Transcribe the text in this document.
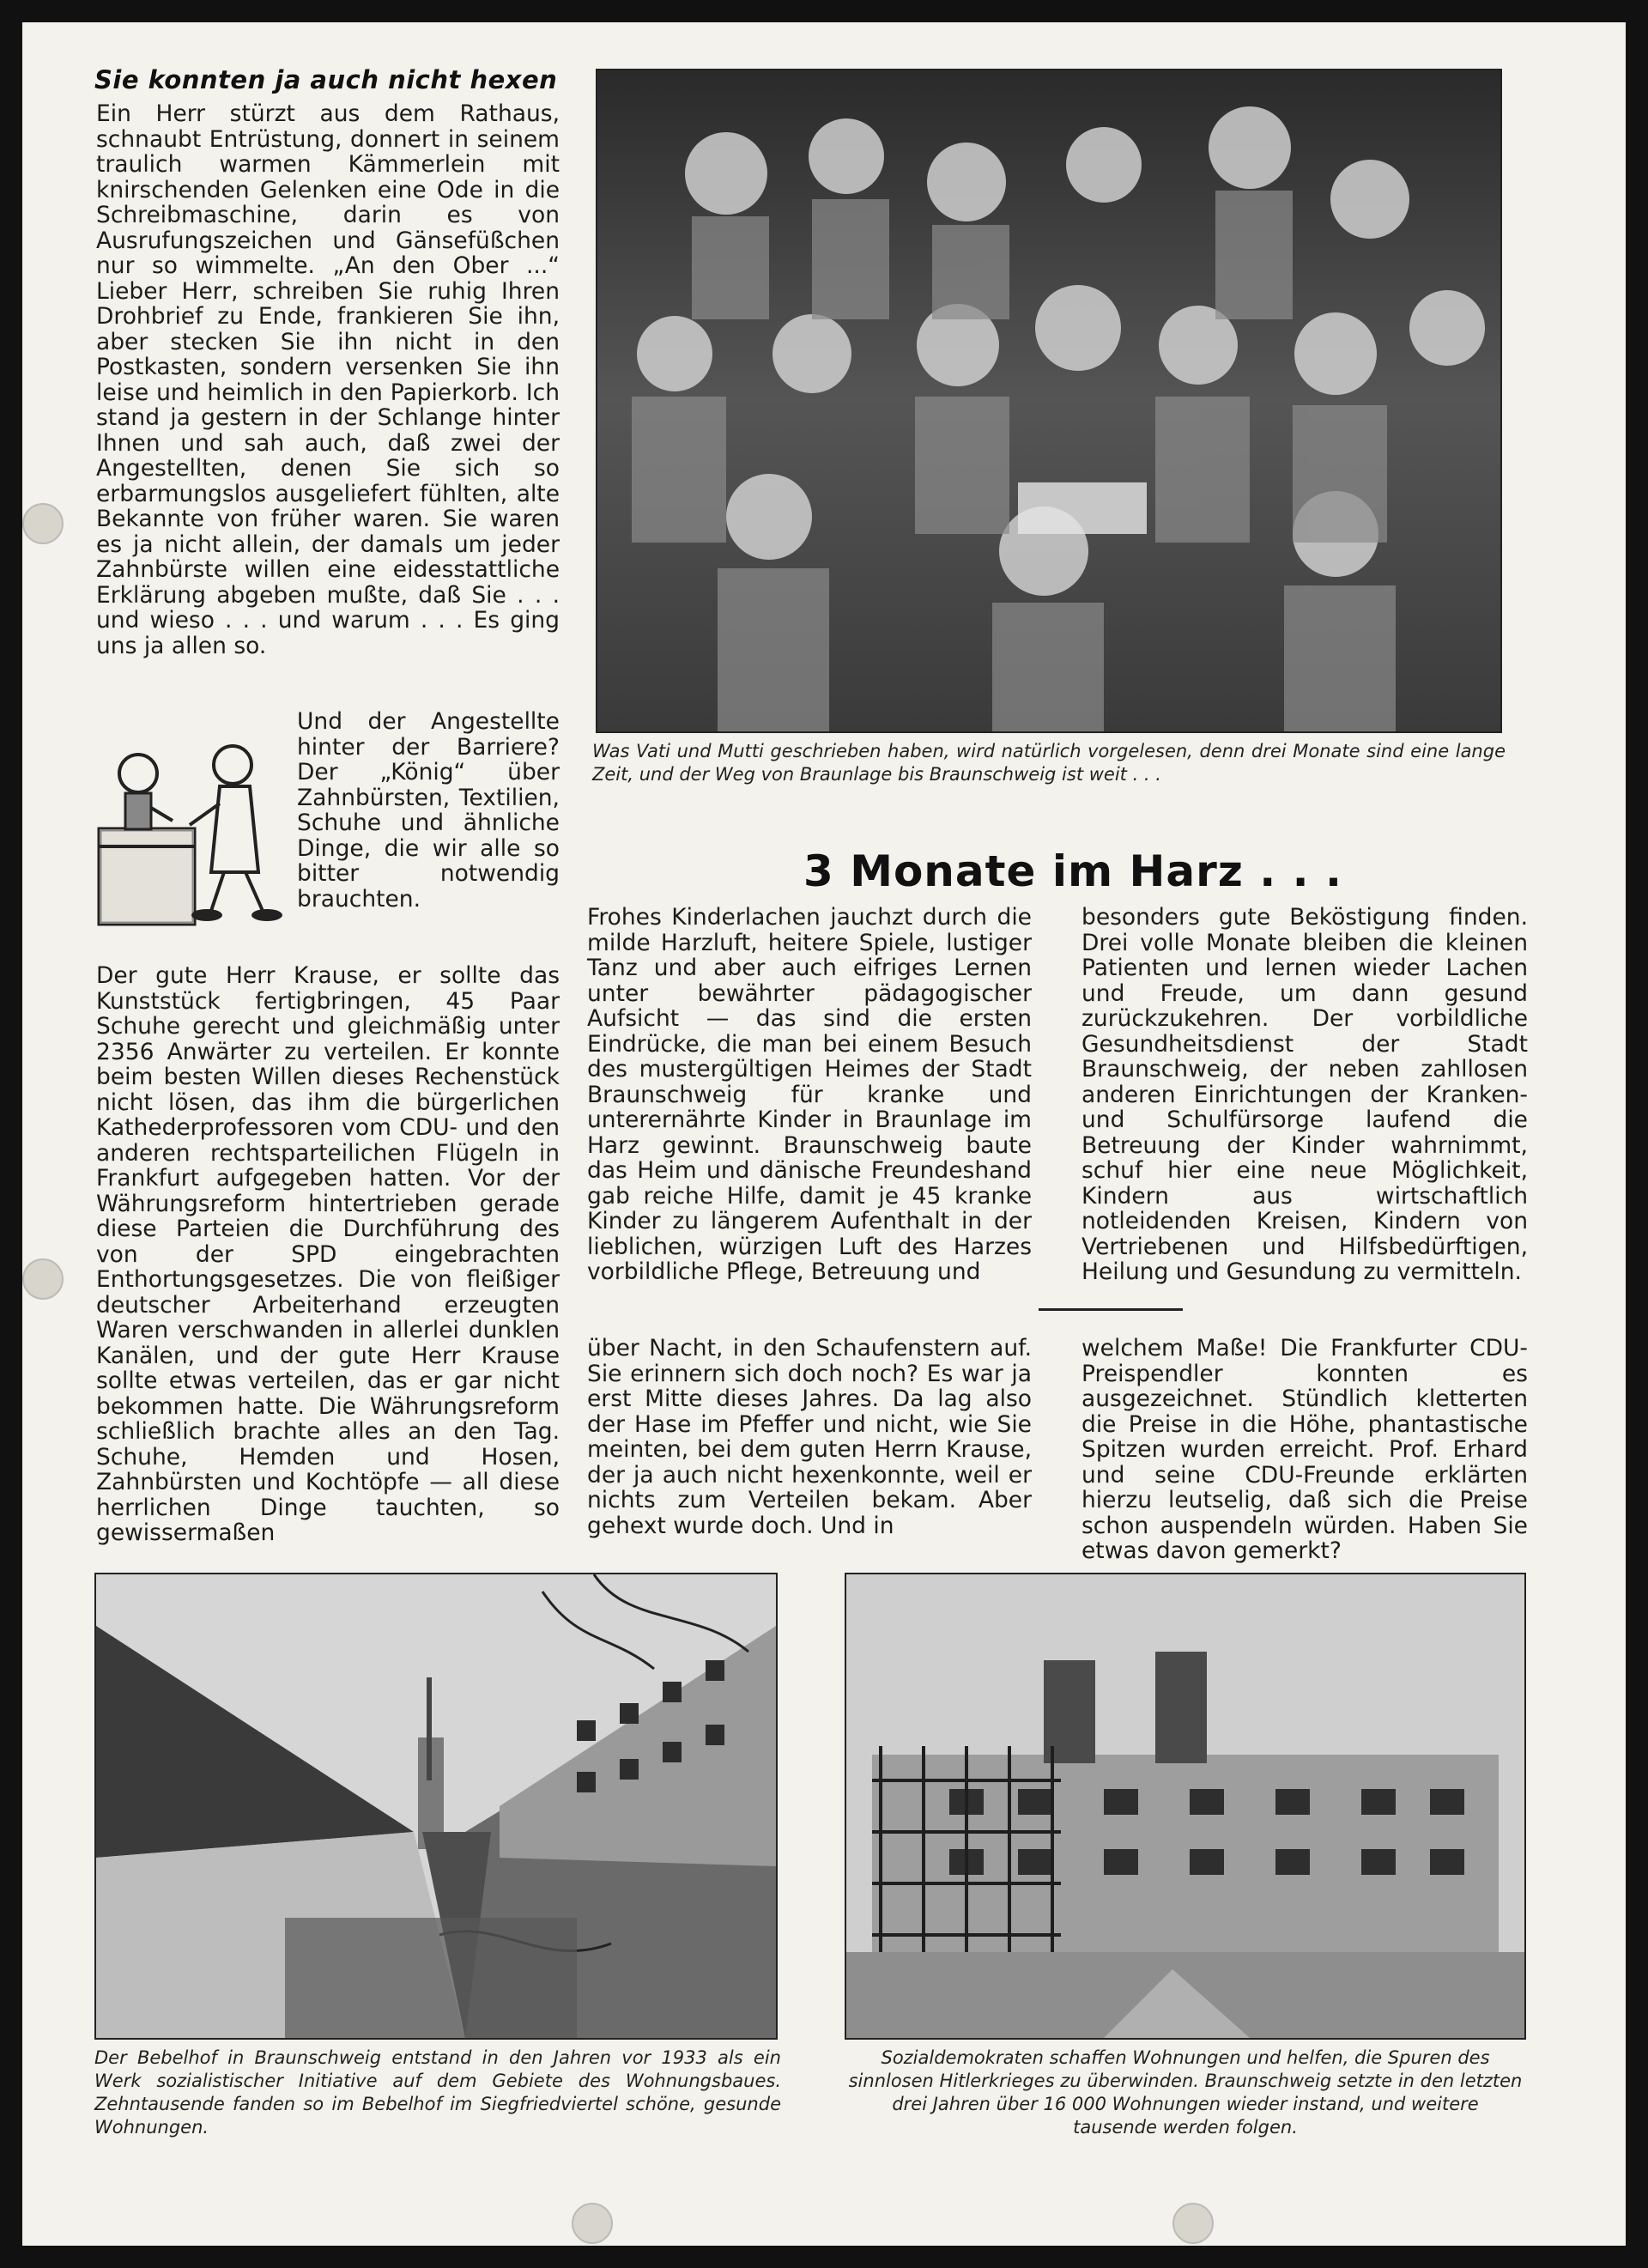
Sie konnten ja auch nicht hexen

Ein Herr stürzt aus dem Rathaus, schnaubt Entrüstung, donnert in seinem traulich warmen Kämmerlein mit knirschenden Gelenken eine Ode in die Schreibmaschine, darin es von Ausrufungszeichen und Gänsefüßchen nur so wimmelte. „An den Ober ...“ Lieber Herr, schreiben Sie ruhig Ihren Drohbrief zu Ende, frankieren Sie ihn, aber stecken Sie ihn nicht in den Postkasten, sondern versenken Sie ihn leise und heimlich in den Papierkorb. Ich stand ja gestern in der Schlange hinter Ihnen und sah auch, daß zwei der Angestellten, denen Sie sich so erbarmungslos ausgeliefert fühlten, alte Bekannte von früher waren. Sie waren es ja nicht allein, der damals um jeder Zahnbürste willen eine eidesstattliche Erklärung abgeben mußte, daß Sie . . . und wieso . . . und warum . . . Es ging uns ja allen so.

Und der Angestellte hinter der Barriere? Der „König“ über Zahnbürsten, Textilien, Schuhe und ähnliche Dinge, die wir alle so bitter notwendig brauchten.

Der gute Herr Krause, er sollte das Kunststück fertigbringen, 45 Paar Schuhe gerecht und gleichmäßig unter 2356 Anwärter zu verteilen. Er konnte beim besten Willen dieses Rechenstück nicht lösen, das ihm die bürgerlichen Kathederprofessoren vom CDU- und den anderen rechtsparteilichen Flügeln in Frankfurt aufgegeben hatten. Vor der Währungsreform hintertrieben gerade diese Parteien die Durchführung des von der SPD eingebrachten Enthortungsgesetzes. Die von fleißiger deutscher Arbeiterhand erzeugten Waren verschwanden in allerlei dunklen Kanälen, und der gute Herr Krause sollte etwas verteilen, das er gar nicht bekommen hatte. Die Währungsreform schließlich brachte alles an den Tag. Schuhe, Hemden und Hosen, Zahnbürsten und Kochtöpfe — all diese herrlichen Dinge tauchten, so gewissermaßen

Was Vati und Mutti geschrieben haben, wird natürlich vorgelesen, denn drei Monate sind eine lange Zeit, und der Weg von Braunlage bis Braunschweig ist weit . . .
3 Monate im Harz . . .

Frohes Kinderlachen jauchzt durch die milde Harzluft, heitere Spiele, lustiger Tanz und aber auch eifriges Lernen unter bewährter pädagogischer Aufsicht — das sind die ersten Eindrücke, die man bei einem Besuch des mustergültigen Heimes der Stadt Braunschweig für kranke und unterernährte Kinder in Braunlage im Harz gewinnt. Braunschweig baute das Heim und dänische Freundeshand gab reiche Hilfe, damit je 45 kranke Kinder zu längerem Aufenthalt in der lieblichen, würzigen Luft des Harzes vorbildliche Pflege, Betreuung und

besonders gute Beköstigung finden. Drei volle Monate bleiben die kleinen Patienten und lernen wieder Lachen und Freude, um dann gesund zurückzukehren. Der vorbildliche Gesundheitsdienst der Stadt Braunschweig, der neben zahllosen anderen Einrichtungen der Kranken- und Schulfürsorge laufend die Betreuung der Kinder wahrnimmt, schuf hier eine neue Möglichkeit, Kindern aus wirtschaftlich notleidenden Kreisen, Kindern von Vertriebenen und Hilfsbedürftigen, Heilung und Gesundung zu vermitteln.

über Nacht, in den Schaufenstern auf. Sie erinnern sich doch noch? Es war ja erst Mitte dieses Jahres. Da lag also der Hase im Pfeffer und nicht, wie Sie meinten, bei dem guten Herrn Krause, der ja auch nicht hexenkonnte, weil er nichts zum Verteilen bekam. Aber gehext wurde doch. Und in

welchem Maße! Die Frankfurter CDU-Preispendler konnten es ausgezeichnet. Stündlich kletterten die Preise in die Höhe, phantastische Spitzen wurden erreicht. Prof. Erhard und seine CDU-Freunde erklärten hierzu leutselig, daß sich die Preise schon auspendeln würden. Haben Sie etwas davon gemerkt?

Der Bebelhof in Braunschweig entstand in den Jahren vor 1933 als ein Werk sozialistischer Initiative auf dem Gebiete des Wohnungsbaues. Zehntausende fanden so im Bebelhof im Siegfriedviertel schöne, gesunde Wohnungen.
Sozialdemokraten schaffen Wohnungen und helfen, die Spuren des sinnlosen Hitlerkrieges zu überwinden. Braunschweig setzte in den letzten drei Jahren über 16 000 Wohnungen wieder instand, und weitere tausende werden folgen.
